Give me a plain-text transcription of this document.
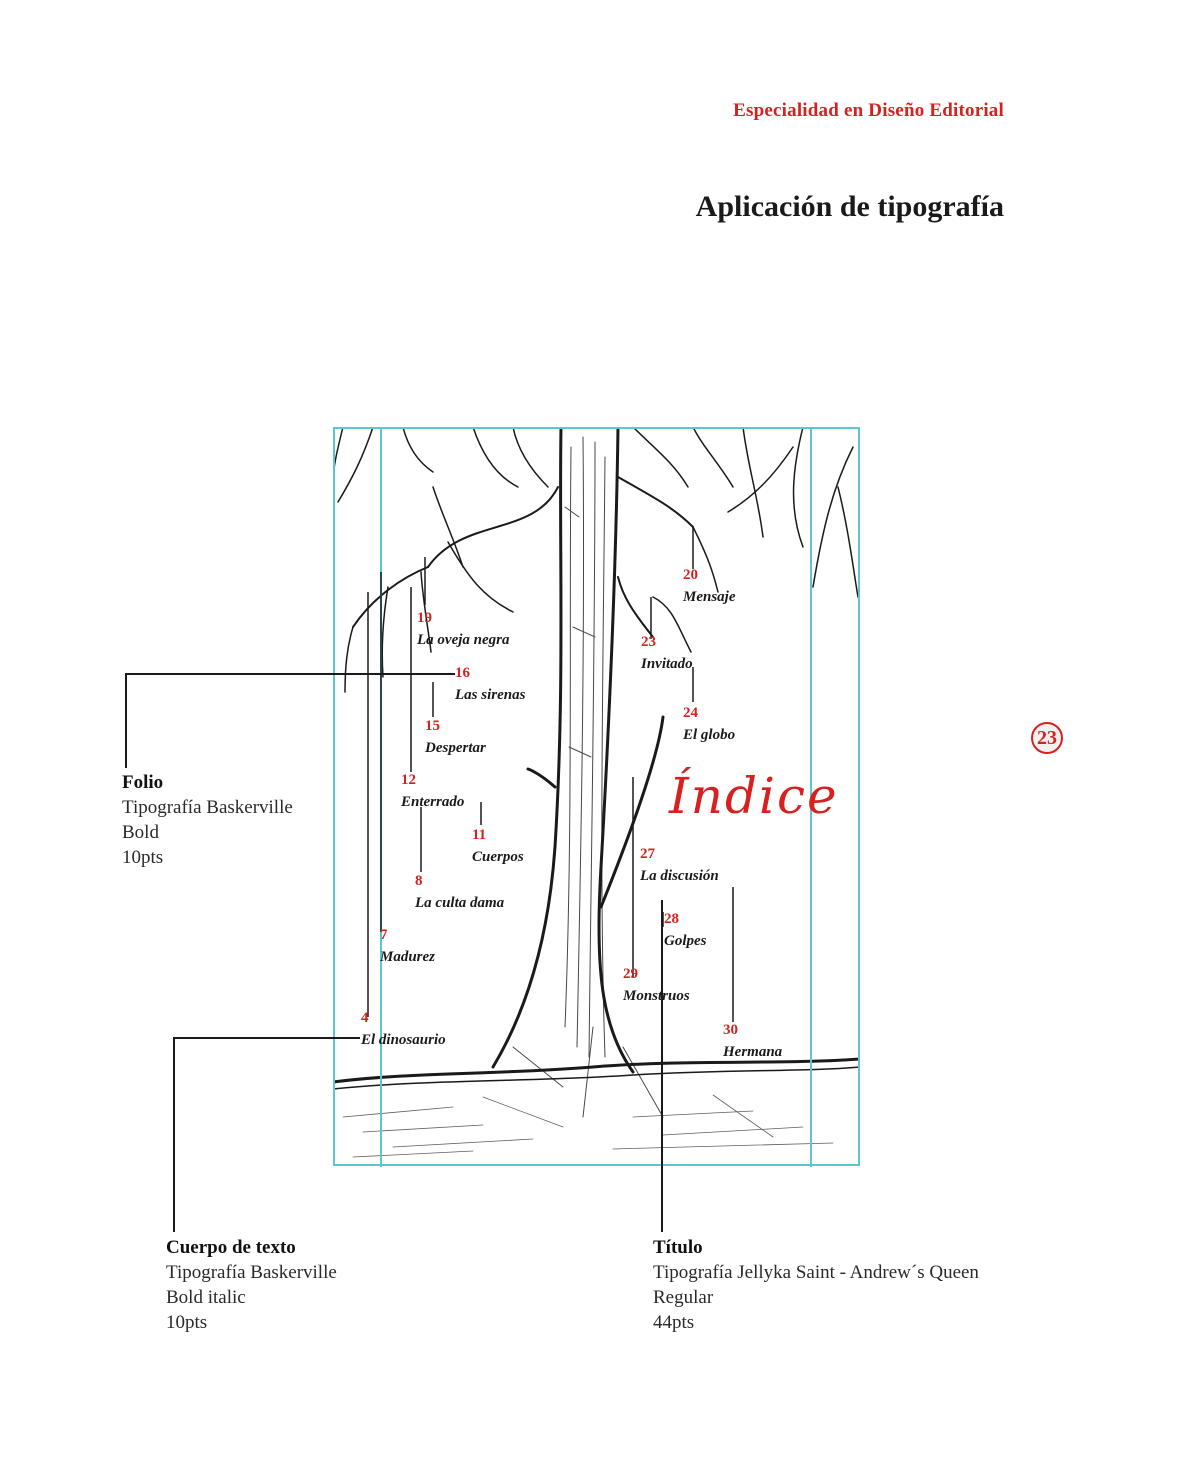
Especialidad en Diseño Editorial
Aplicación de tipografía
Índice
20
Mensaje
19
La oveja negra	23
Invitado
16
Las sirenas
24
El globo
15
Despertar
12
Enterrado
11
Cuerpos	27
La discusión
8
La culta dama
28
Golpes
7
Madurez
29
Monstruos
4
El dinosaurio
30
Hermana
23
Folio
Tipografía Baskerville
Bold
10pts
Cuerpo de texto
Tipografía Baskerville
Bold italic
10pts
Título
Tipografía Jellyka Saint - Andrew´s Queen
Regular
44pts
